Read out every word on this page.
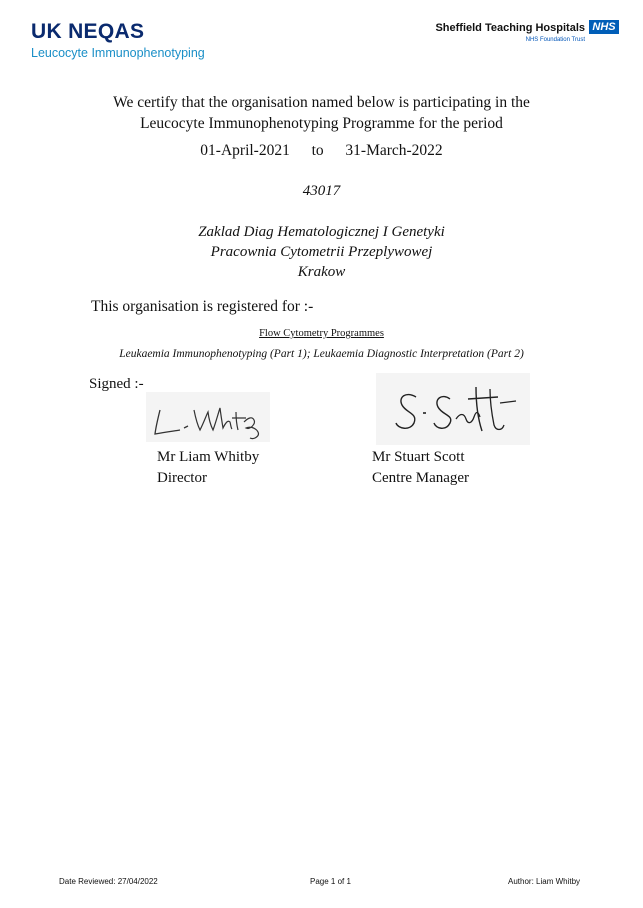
UK NEQAS
Leucocyte Immunophenotyping
Sheffield Teaching Hospitals
NHS Foundation Trust
NHS
We certify that the organisation named below is participating in the
Leucocyte Immunophenotyping Programme for the period
01-April-2021 to 31-March-2022
43017
Zaklad Diag Hematologicznej I Genetyki
Pracownia Cytometrii Przeplywowej
Krakow
This organisation is registered for :-
Flow Cytometry Programmes
Leukaemia Immunophenotyping (Part 1); Leukaemia Diagnostic Interpretation (Part 2)
Signed :-
Mr Liam Whitby
Director
Mr Stuart Scott
Centre Manager
Date Reviewed: 27/04/2022	Page 1 of 1	Author: Liam Whitby
